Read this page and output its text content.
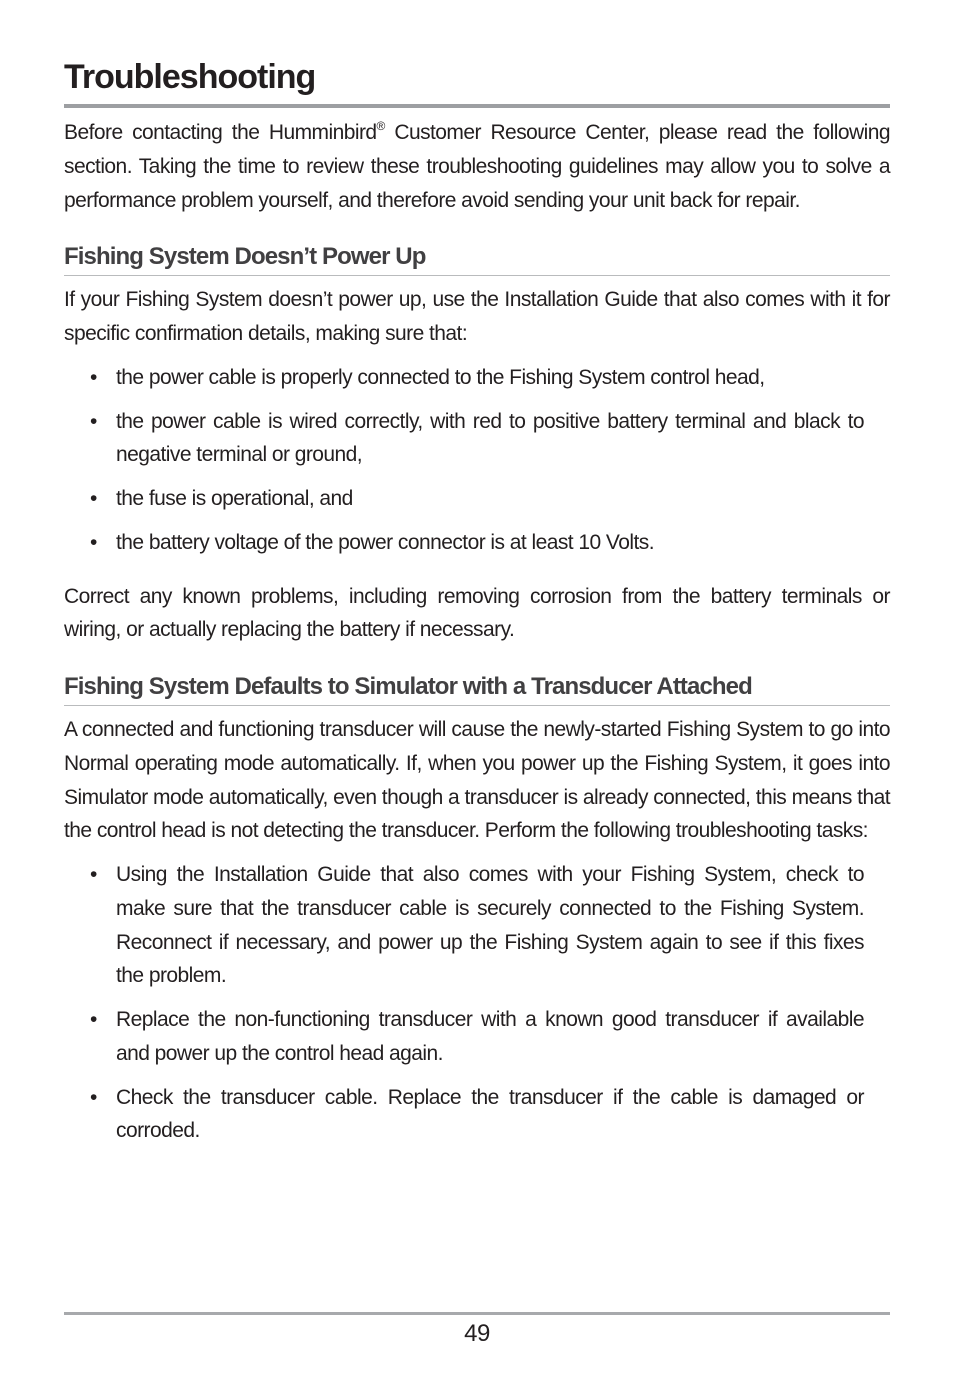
Troubleshooting

Before contacting the Humminbird® Customer Resource Center, please read the following section. Taking the time to review these troubleshooting guidelines may allow you to solve a performance problem yourself, and therefore avoid sending your unit back for repair.

Fishing System Doesn’t Power Up

If your Fishing System doesn’t power up, use the Installation Guide that also comes with it for specific confirmation details, making sure that:

• the power cable is properly connected to the Fishing System control head,
• the power cable is wired correctly, with red to positive battery terminal and black to negative terminal or ground,
• the fuse is operational, and
• the battery voltage of the power connector is at least 10 Volts.

Correct any known problems, including removing corrosion from the battery terminals or wiring, or actually replacing the battery if necessary.

Fishing System Defaults to Simulator with a Transducer Attached

A connected and functioning transducer will cause the newly-started Fishing System to go into Normal operating mode automatically. If, when you power up the Fishing System, it goes into Simulator mode automatically, even though a transducer is already connected, this means that the control head is not detecting the transducer. Perform the following troubleshooting tasks:

• Using the Installation Guide that also comes with your Fishing System, check to make sure that the transducer cable is securely connected to the Fishing System. Reconnect if necessary, and power up the Fishing System again to see if this fixes the problem.
• Replace the non-functioning transducer with a known good transducer if available and power up the control head again.
• Check the transducer cable. Replace the transducer if the cable is damaged or corroded.
49
